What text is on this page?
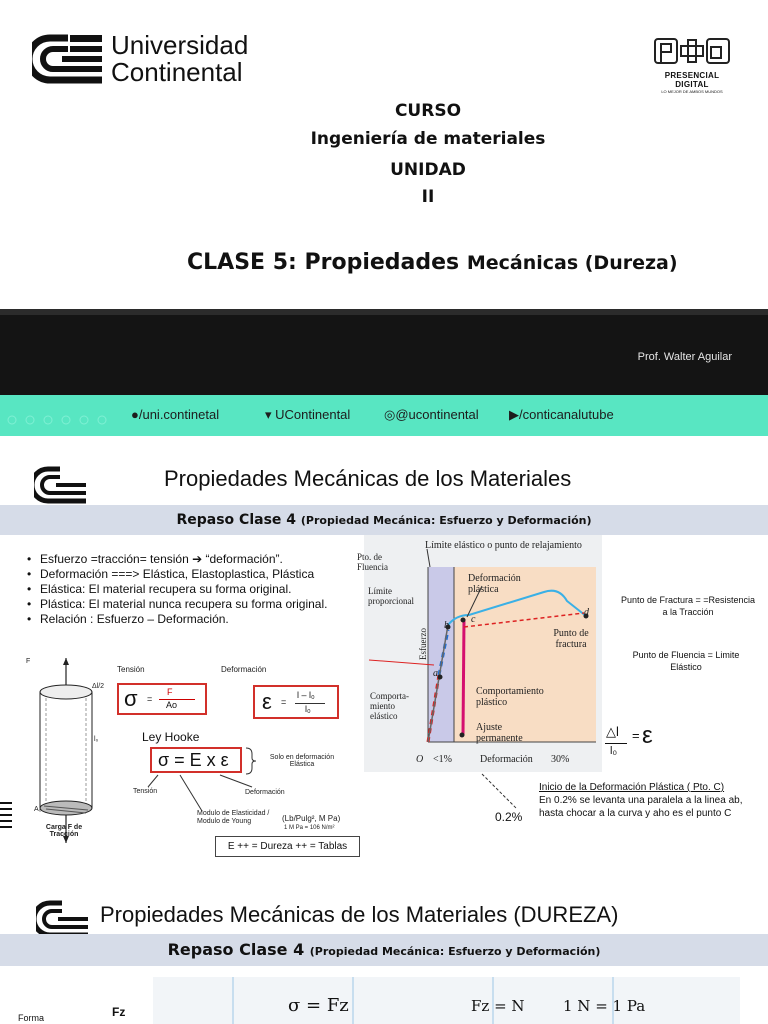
Universidad
Continental	PRESENCIAL DIGITAL
LO MEJOR DE AMBOS MUNDOS
CURSO
Ingeniería de materiales
UNIDAD
II
CLASE 5: Propiedades Mecánicas (Dureza)
Prof. Walter Aguilar
●/uni.continetal	▾ UContinental	◎@ucontinental ▶/conticanalutube
Propiedades Mecánicas de los Materiales
Repaso Clase 4 (Propiedad Mecánica: Esfuerzo y Deformación)
• Esfuerzo =tracción= tensión ➔ “deformación”.
• Deformación ===> Elástica, Elastoplastica, Plástica
• Elástica: El material recupera su forma original.
• Plástica: El material nunca recupera su forma original.
• Relación : Esfuerzo – Deformación.
F
Δl/2
l₀
A₀
Carga F de Tracción
Tensión	Deformación
σ =
F
Ao	ε =
l – l₀
l₀
Ley Hooke
σ = E x ε	Solo en deformación Elástica
Tensión	Deformación
Modulo de Elasticidad / Modulo de Young	(Lb/Pulg², M Pa)
1 M Pa = 106 N/m²
E ++ = Dureza ++ = Tablas
Límite elástico o punto de relajamiento
Pto. de Fluencia
Límite proporcional
Deformación plástica
Punto de fractura
Esfuerzo
Comporta- miento elástico
Comportamiento plástico
Ajuste permanente
O <1%	Deformación 30%
a
b
c
d
Punto de Fractura = =Resistencia a la Tracción
Punto de Fluencia = Limite Elástico
△l
l₀
= ε
0.2%
Inicio de la Deformación Plástica ( Pto. C)
En 0.2% se levanta una paralela a la linea ab, hasta chocar a la curva y aho es el punto C
Propiedades Mecánicas de los Materiales (DUREZA)
Repaso Clase 4 (Propiedad Mecánica: Esfuerzo y Deformación)
Forma	Fz	σ = Fz	Fz = N	1 N = 1 Pa
